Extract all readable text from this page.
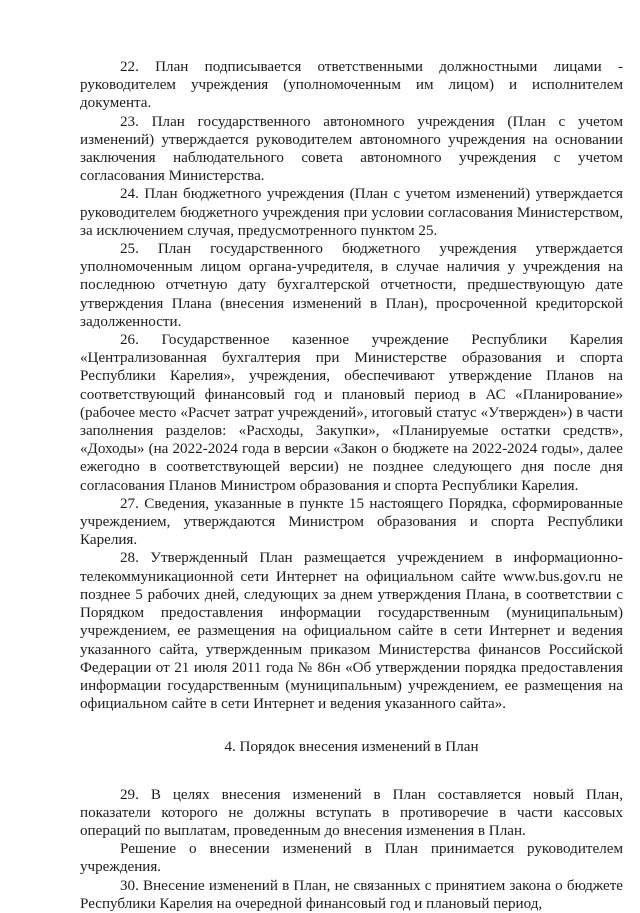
22. План подписывается ответственными должностными лицами - руководителем учреждения (уполномоченным им лицом) и исполнителем документа.

23. План государственного автономного учреждения (План с учетом изменений) утверждается руководителем автономного учреждения на основании заключения наблюдательного совета автономного учреждения с учетом согласования Министерства.

24. План бюджетного учреждения (План с учетом изменений) утверждается руководителем бюджетного учреждения при условии согласования Министерством, за исключением случая, предусмотренного пунктом 25.

25. План государственного бюджетного учреждения утверждается уполномоченным лицом органа-учредителя, в случае наличия у учреждения на последнюю отчетную дату бухгалтерской отчетности, предшествующую дате утверждения Плана (внесения изменений в План), просроченной кредиторской задолженности.

26. Государственное казенное учреждение Республики Карелия «Централизованная бухгалтерия при Министерстве образования и спорта Республики Карелия», учреждения, обеспечивают утверждение Планов на соответствующий финансовый год и плановый период в АС «Планирование» (рабочее место «Расчет затрат учреждений», итоговый статус «Утвержден») в части заполнения разделов: «Расходы, Закупки», «Планируемые остатки средств», «Доходы» (на 2022-2024 года в версии «Закон о бюджете на 2022-2024 годы», далее ежегодно в соответствующей версии) не позднее следующего дня после дня согласования Планов Министром образования и спорта Республики Карелия.

27. Сведения, указанные в пункте 15 настоящего Порядка, сформированные учреждением, утверждаются Министром образования и спорта Республики Карелия.

28. Утвержденный План размещается учреждением в информационно-телекоммуникационной сети Интернет на официальном сайте www.bus.gov.ru не позднее 5 рабочих дней, следующих за днем утверждения Плана, в соответствии с Порядком предоставления информации государственным (муниципальным) учреждением, ее размещения на официальном сайте в сети Интернет и ведения указанного сайта, утвержденным приказом Министерства финансов Российской Федерации от 21 июля 2011 года № 86н «Об утверждении порядка предоставления информации государственным (муниципальным) учреждением, ее размещения на официальном сайте в сети Интернет и ведения указанного сайта».

4. Порядок внесения изменений в План

29. В целях внесения изменений в План составляется новый План, показатели которого не должны вступать в противоречие в части кассовых операций по выплатам, проведенным до внесения изменения в План.

Решение о внесении изменений в План принимается руководителем учреждения.

30. Внесение изменений в План, не связанных с принятием закона о бюджете Республики Карелия на очередной финансовый год и плановый период,
